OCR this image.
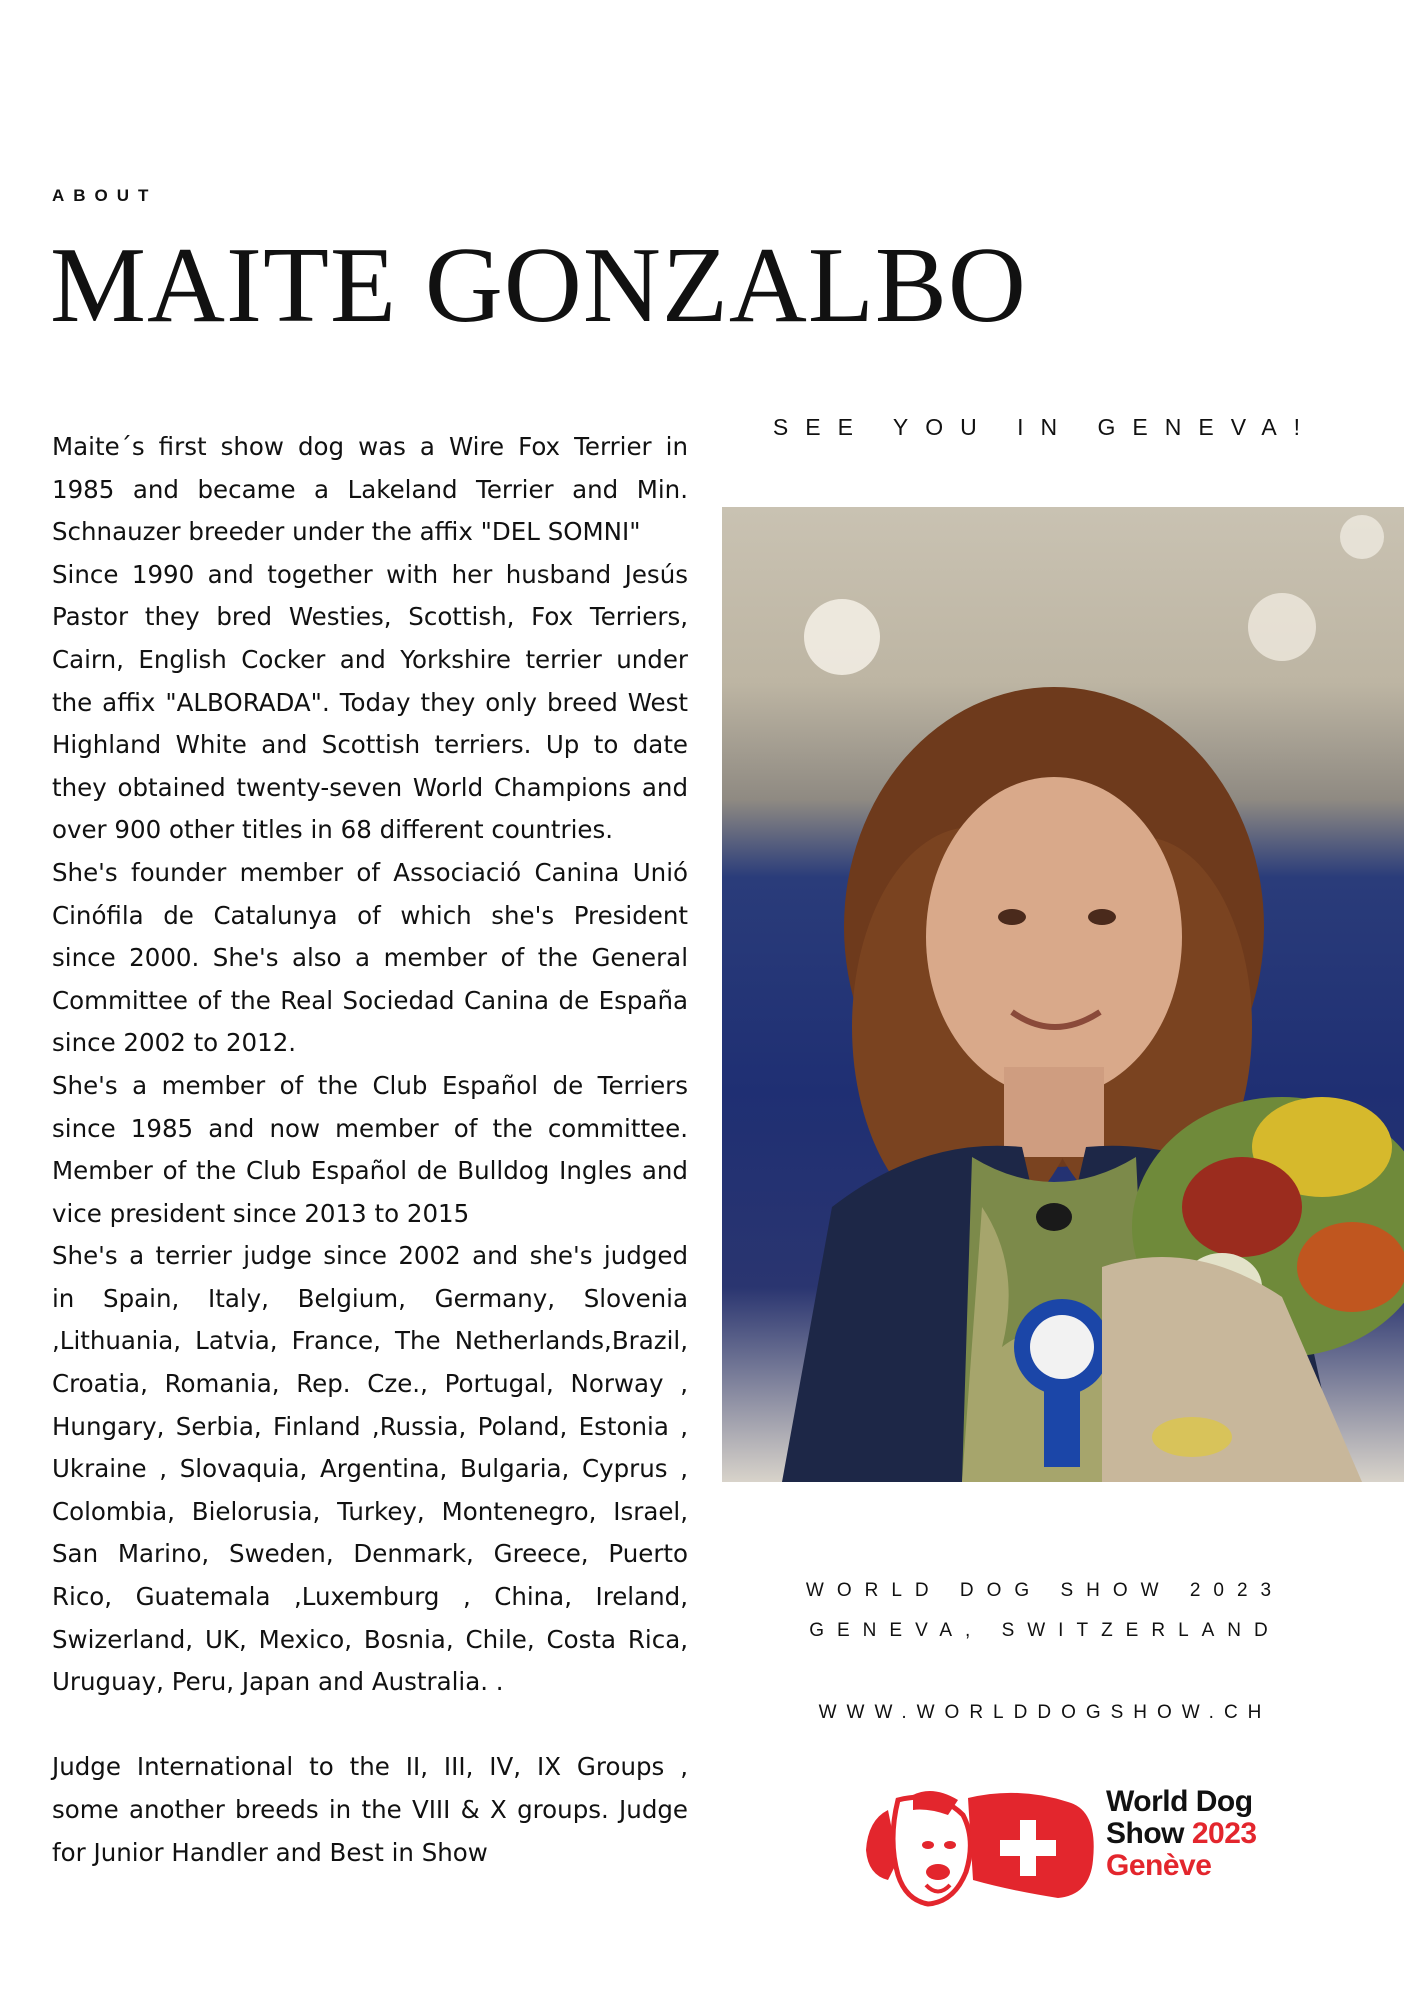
ABOUT
MAITE GONZALBO

Maite´s first show dog was a Wire Fox Terrier in 1985 and became a Lakeland Terrier and Min. Schnauzer breeder under the affix "DEL SOMNI"

Since 1990 and together with her husband Jesús Pastor they bred Westies, Scottish, Fox Terriers, Cairn, English Cocker and Yorkshire terrier under the affix "ALBORADA". Today they only breed West Highland White and Scottish terriers. Up to date they obtained twenty-seven World Champions and over 900 other titles in 68 different countries.

She's founder member of Associació Canina Unió Cinófila de Catalunya of which she's President since 2000. She's also a member of the General Committee of the Real Sociedad Canina de España since 2002 to 2012.

She's a member of the Club Español de Terriers since 1985 and now member of the committee. Member of the Club Español de Bulldog Ingles and vice president since 2013 to 2015

She's a terrier judge since 2002 and she's judged in Spain, Italy, Belgium, Germany, Slovenia ,Lithuania, Latvia, France, The Netherlands,Brazil, Croatia, Romania, Rep. Cze., Portugal, Norway , Hungary, Serbia, Finland ,Russia, Poland, Estonia , Ukraine , Slovaquia, Argentina, Bulgaria, Cyprus , Colombia, Bielorusia, Turkey, Montenegro, Israel, San Marino, Sweden, Denmark, Greece, Puerto Rico, Guatemala ,Luxemburg , China, Ireland, Swizerland, UK, Mexico, Bosnia, Chile, Costa Rica, Uruguay, Peru, Japan and Australia. .

Judge International to the II, III, IV, IX Groups , some another breeds in the VIII & X groups. Judge for Junior Handler and Best in Show

SEE YOU IN GENEVA!
WORLD DOG SHOW 2023
GENEVA, SWITZERLAND
WWW.WORLDDOGSHOW.CH
World Dog
Show 2023
Genève
